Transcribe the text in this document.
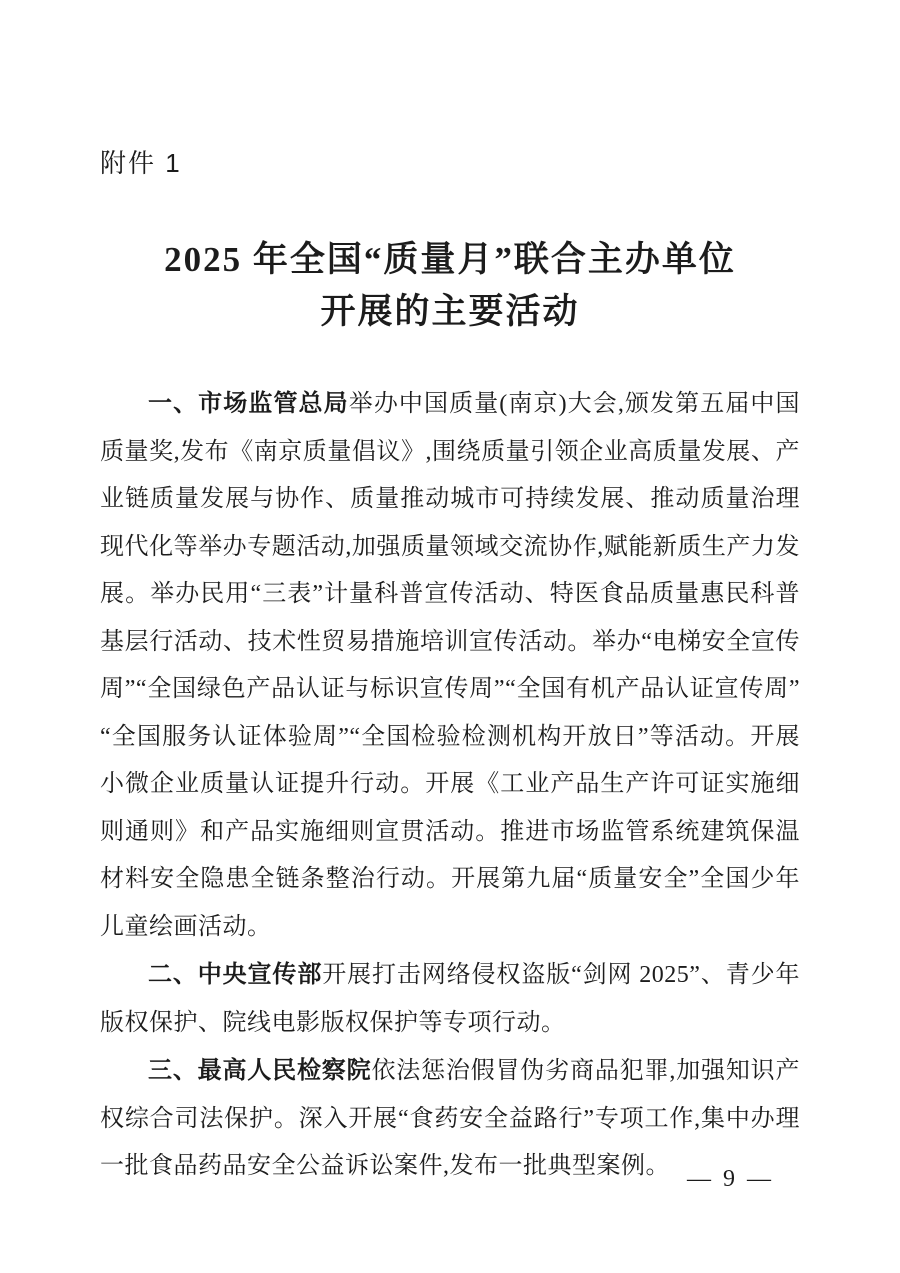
附件 1
2025 年全国“质量月”联合主办单位
开展的主要活动

一、市场监管总局举办中国质量(南京)大会,颁发第五届中国质量奖,发布《南京质量倡议》,围绕质量引领企业高质量发展、产业链质量发展与协作、质量推动城市可持续发展、推动质量治理现代化等举办专题活动,加强质量领域交流协作,赋能新质生产力发展。举办民用“三表”计量科普宣传活动、特医食品质量惠民科普基层行活动、技术性贸易措施培训宣传活动。举办“电梯安全宣传周”“全国绿色产品认证与标识宣传周”“全国有机产品认证宣传周”“全国服务认证体验周”“全国检验检测机构开放日”等活动。开展小微企业质量认证提升行动。开展《工业产品生产许可证实施细则通则》和产品实施细则宣贯活动。推进市场监管系统建筑保温材料安全隐患全链条整治行动。开展第九届“质量安全”全国少年儿童绘画活动。

二、中央宣传部开展打击网络侵权盗版“剑网 2025”、青少年版权保护、院线电影版权保护等专项行动。

三、最高人民检察院依法惩治假冒伪劣商品犯罪,加强知识产权综合司法保护。深入开展“食药安全益路行”专项工作,集中办理一批食品药品安全公益诉讼案件,发布一批典型案例。 — 9 —
